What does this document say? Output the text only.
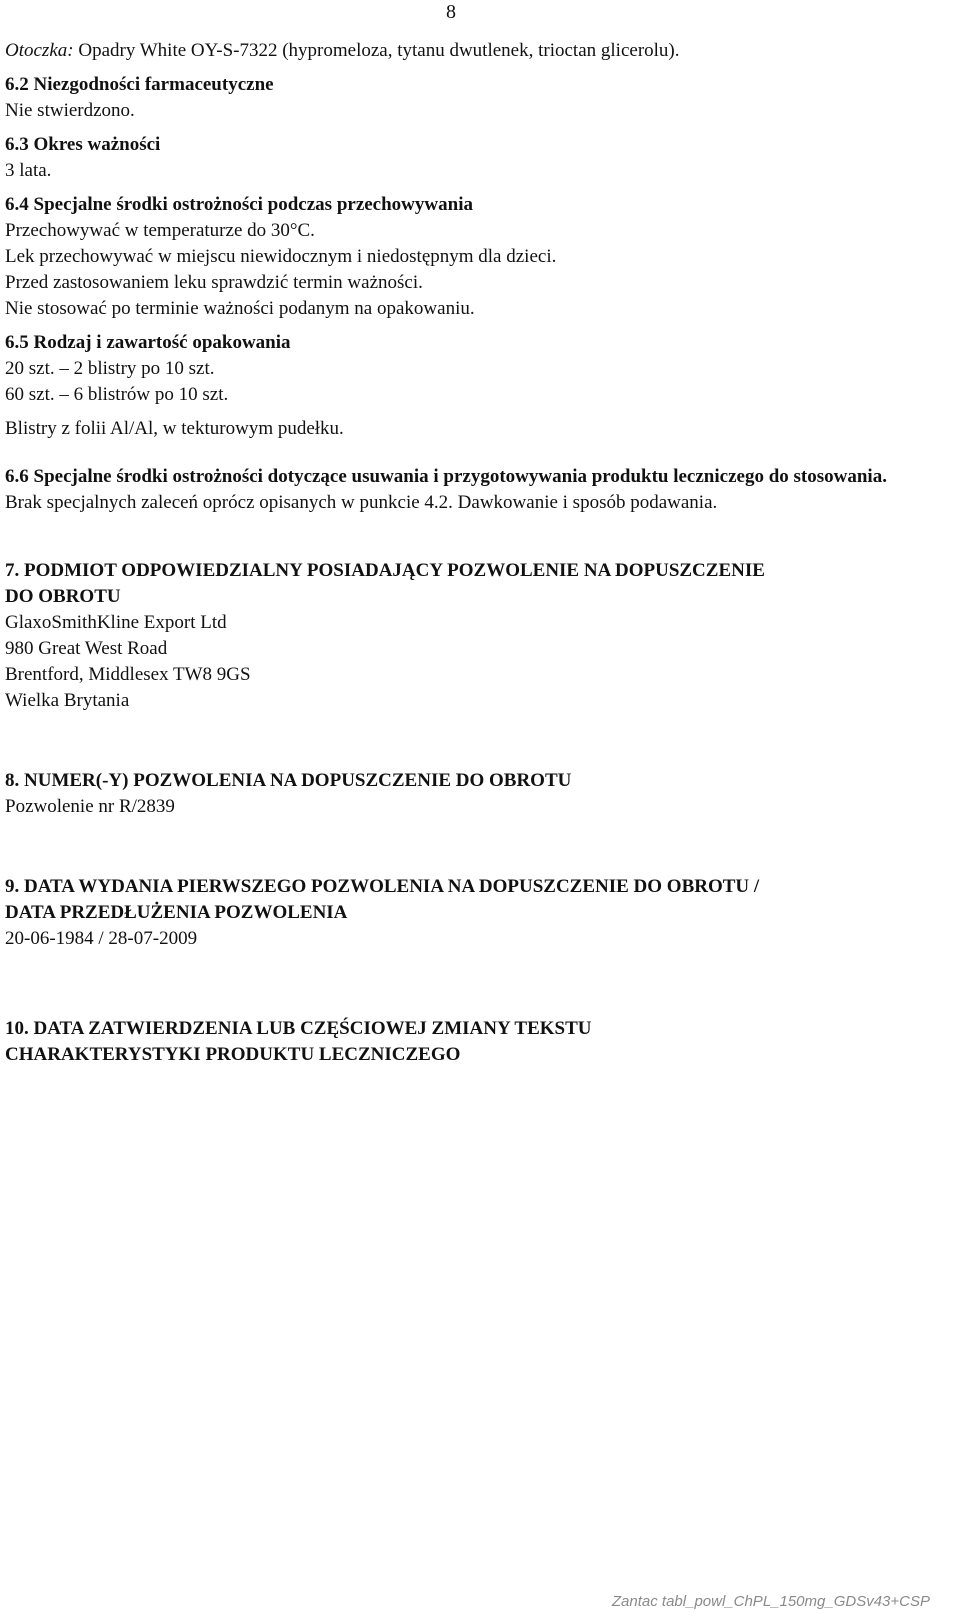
8
Otoczka: Opadry White OY-S-7322 (hypromeloza, tytanu dwutlenek, trioctan glicerolu).
6.2 Niezgodności farmaceutyczne
Nie stwierdzono.
6.3 Okres ważności
3 lata.
6.4 Specjalne środki ostrożności podczas przechowywania
Przechowywać w temperaturze do 30°C.
Lek przechowywać w miejscu niewidocznym i niedostępnym dla dzieci.
Przed zastosowaniem leku sprawdzić termin ważności.
Nie stosować po terminie ważności podanym na opakowaniu.
6.5 Rodzaj i zawartość opakowania
20 szt. – 2 blistry po 10 szt.
60 szt. – 6 blistrów po 10 szt.
Blistry z folii Al/Al, w tekturowym pudełku.
6.6 Specjalne środki ostrożności dotyczące usuwania i przygotowywania produktu leczniczego do stosowania.
Brak specjalnych zaleceń oprócz opisanych w punkcie 4.2. Dawkowanie i sposób podawania.
7. PODMIOT ODPOWIEDZIALNY POSIADAJĄCY POZWOLENIE NA DOPUSZCZENIE
DO OBROTU
GlaxoSmithKline Export Ltd
980 Great West Road
Brentford, Middlesex TW8 9GS
Wielka Brytania
8. NUMER(-Y) POZWOLENIA NA DOPUSZCZENIE DO OBROTU
Pozwolenie nr R/2839
9. DATA WYDANIA PIERWSZEGO POZWOLENIA NA DOPUSZCZENIE DO OBROTU /
DATA PRZEDŁUŻENIA POZWOLENIA
20-06-1984 / 28-07-2009
10. DATA ZATWIERDZENIA LUB CZĘŚCIOWEJ ZMIANY TEKSTU
CHARAKTERYSTYKI PRODUKTU LECZNICZEGO
Zantac tabl_powl_ChPL_150mg_GDSv43+CSP
